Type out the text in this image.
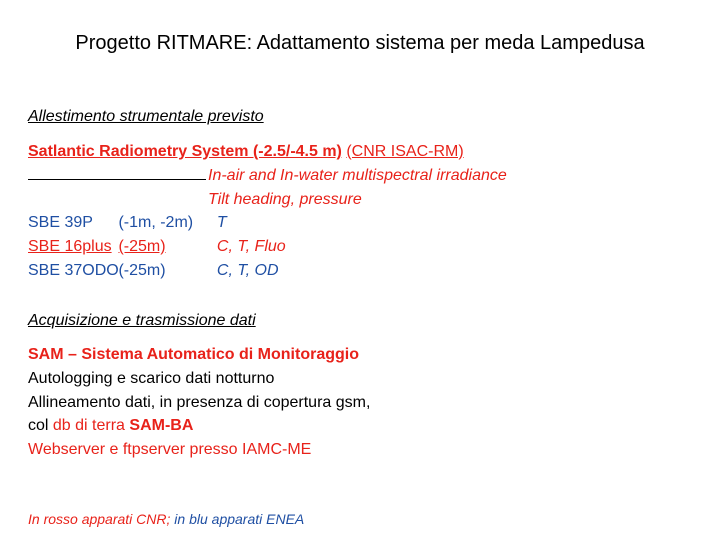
Progetto RITMARE: Adattamento sistema per meda Lampedusa
Allestimento strumentale previsto
Satlantic Radiometry System (-2.5/-4.5 m) (CNR ISAC-RM)
In-air and In-water multispectral irradiance
Tilt heading, pressure
SBE 39P (-1m, -2m) T
SBE 16plus (-25m)	C, T, Fluo
SBE 37ODO (-25m)	C, T, OD
Acquisizione e trasmissione dati
SAM – Sistema Automatico di Monitoraggio
Autologging e scarico dati notturno
Allineamento dati, in presenza di copertura gsm,
col db di terra SAM-BA
Webserver e ftpserver presso IAMC-ME
In rosso apparati CNR; in blu apparati ENEA
